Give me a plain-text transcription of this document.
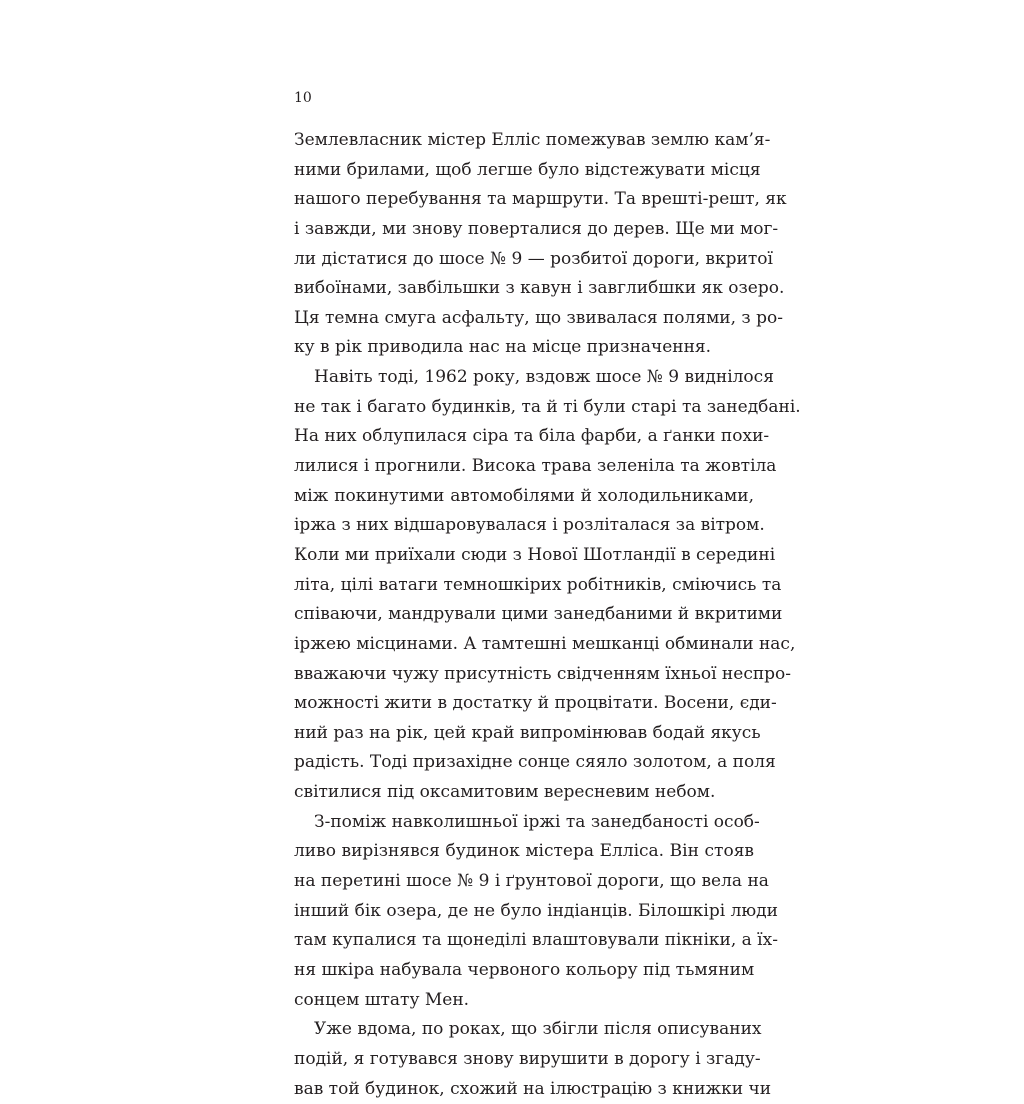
10
Землевласник містер Елліс помежував землю кам’я-
ними брилами, щоб легше було відстежувати місця
нашого перебування та маршрути. Та врешті-решт, як
і завжди, ми знову поверталися до дерев. Ще ми мог-
ли дістатися до шосе № 9 — розбитої дороги, вкритої
вибоїнами, завбільшки з кавун і завглибшки як озеро.
Ця темна смуга асфальту, що звивалася полями, з ро-
ку в рік приводила нас на місце призначення.
Навіть тоді, 1962 року, вздовж шосе № 9 виднілося
не так і багато будинків, та й ті були старі та занедбані.
На них облупилася сіра та біла фарби, а ґанки похи-
лилися і прогнили. Висока трава зеленіла та жовтіла
між покинутими автомобілями й холодильниками,
іржа з них відшаровувалася і розліталася за вітром.
Коли ми приїхали сюди з Нової Шотландії в середині
літа, цілі ватаги темношкірих робітників, сміючись та
співаючи, мандрували цими занедбаними й вкритими
іржею місцинами. А тамтешні мешканці обминали нас,
вважаючи чужу присутність свідченням їхньої неспро-
можності жити в достатку й процвітати. Восени, єди-
ний раз на рік, цей край випромінював бодай якусь
радість. Тоді призахідне сонце сяяло золотом, а поля
світилися під оксамитовим вересневим небом.
З-поміж навколишньої іржі та занедбаності особ-
ливо вирізнявся будинок містера Елліса. Він стояв
на перетині шосе № 9 і ґрунтової дороги, що вела на
інший бік озера, де не було індіанців. Білошкірі люди
там купалися та щонеділі влаштовували пікніки, а їх-
ня шкіра набувала червоного кольору під тьмяним
сонцем штату Мен.
Уже вдома, по роках, що збігли після описуваних
подій, я готувався знову вирушити в дорогу і згаду-
вав той будинок, схожий на ілюстрацію з книжки чи
